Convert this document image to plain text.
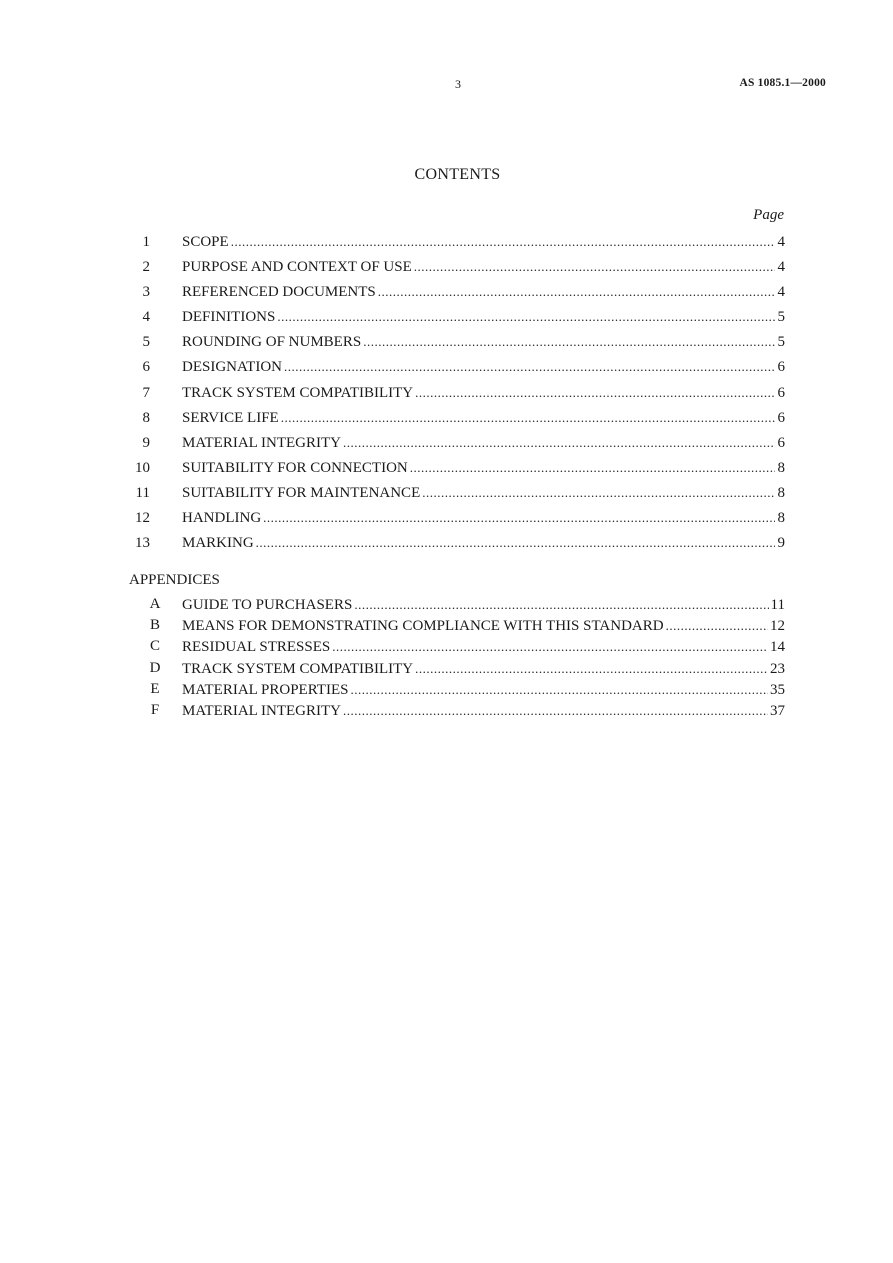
3	AS 1085.1—2000
CONTENTS
Page
1 SCOPE .....	4
2 PURPOSE AND CONTEXT OF USE .....	4
3 REFERENCED DOCUMENTS .....	4
4 DEFINITIONS .....	5
5 ROUNDING OF NUMBERS .....	5
6 DESIGNATION .....	6
7 TRACK SYSTEM COMPATIBILITY .....	6
8 SERVICE LIFE .....	6
9 MATERIAL INTEGRITY .....	6
10 SUITABILITY FOR CONNECTION .....	8
11 SUITABILITY FOR MAINTENANCE .....	8
12 HANDLING .....	8
13 MARKING .....	9
APPENDICES
A	GUIDE TO PURCHASERS .....	11
B	MEANS FOR DEMONSTRATING COMPLIANCE WITH THIS STANDARD .....	12
C	RESIDUAL STRESSES .....	14
D	TRACK SYSTEM COMPATIBILITY .....	23
E	MATERIAL PROPERTIES .....	35
F	MATERIAL INTEGRITY .....	37
